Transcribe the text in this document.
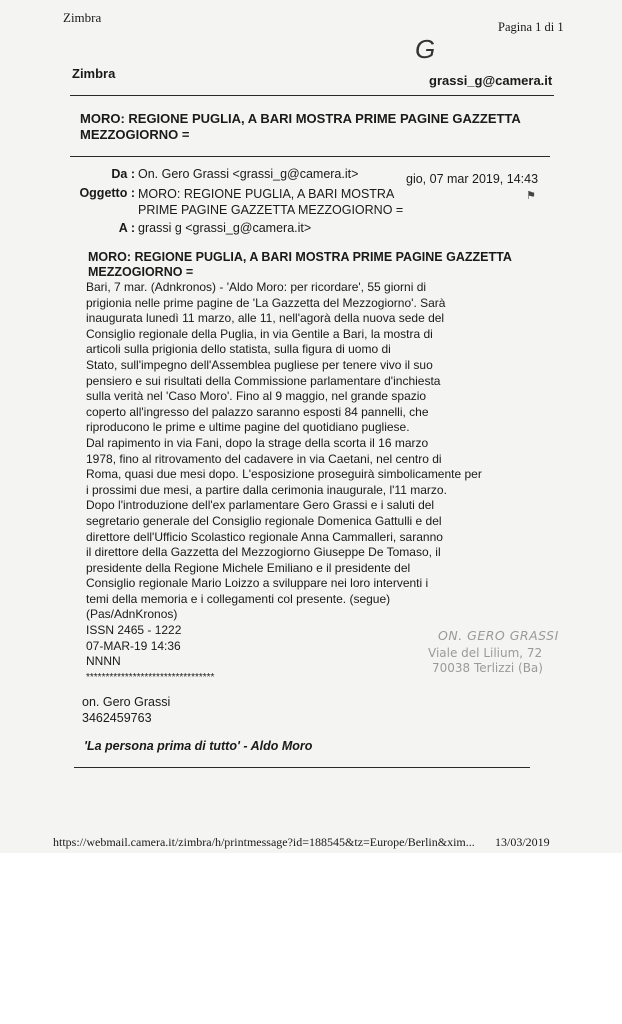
Zimbra
Pagina 1 di 1
G
Zimbra	grassi_g@camera.it
MORO: REGIONE PUGLIA, A BARI MOSTRA PRIME PAGINE GAZZETTA
MEZZOGIORNO =
Da : On. Gero Grassi <grassi_g@camera.it>	gio, 07 mar 2019, 14:43
⚑
Oggetto : MORO: REGIONE PUGLIA, A BARI MOSTRA
PRIME PAGINE GAZZETTA MEZZOGIORNO =
A : grassi g <grassi_g@camera.it>
MORO: REGIONE PUGLIA, A BARI MOSTRA PRIME PAGINE GAZZETTA
MEZZOGIORNO =
Bari, 7 mar. (Adnkronos) - 'Aldo Moro: per ricordare', 55 giorni di
prigionia nelle prime pagine de 'La Gazzetta del Mezzogiorno'. Sarà
inaugurata lunedì 11 marzo, alle 11, nell'agorà della nuova sede del
Consiglio regionale della Puglia, in via Gentile a Bari, la mostra di
articoli sulla prigionia dello statista, sulla figura di uomo di
Stato, sull'impegno dell'Assemblea pugliese per tenere vivo il suo
pensiero e sui risultati della Commissione parlamentare d'inchiesta
sulla verità nel 'Caso Moro'. Fino al 9 maggio, nel grande spazio
coperto all'ingresso del palazzo saranno esposti 84 pannelli, che
riproducono le prime e ultime pagine del quotidiano pugliese.
Dal rapimento in via Fani, dopo la strage della scorta il 16 marzo
1978, fino al ritrovamento del cadavere in via Caetani, nel centro di
Roma, quasi due mesi dopo. L'esposizione proseguirà simbolicamente per
i prossimi due mesi, a partire dalla cerimonia inaugurale, l'11 marzo.
Dopo l'introduzione dell'ex parlamentare Gero Grassi e i saluti del
segretario generale del Consiglio regionale Domenica Gattulli e del
direttore dell'Ufficio Scolastico regionale Anna Cammalleri, saranno
il direttore della Gazzetta del Mezzogiorno Giuseppe De Tomaso, il
presidente della Regione Michele Emiliano e il presidente del
Consiglio regionale Mario Loizzo a sviluppare nei loro interventi i
temi della memoria e i collegamenti col presente. (segue)
(Pas/AdnKronos)
ISSN 2465 - 1222
07-MAR-19 14:36
NNNN
*********************************
ON. GERO GRASSI
Viale del Lilium, 72
70038 Terlizzi (Ba)
on. Gero Grassi
3462459763
'La persona prima di tutto' - Aldo Moro
https://webmail.camera.it/zimbra/h/printmessage?id=188545&tz=Europe/Berlin&xim... 13/03/2019
